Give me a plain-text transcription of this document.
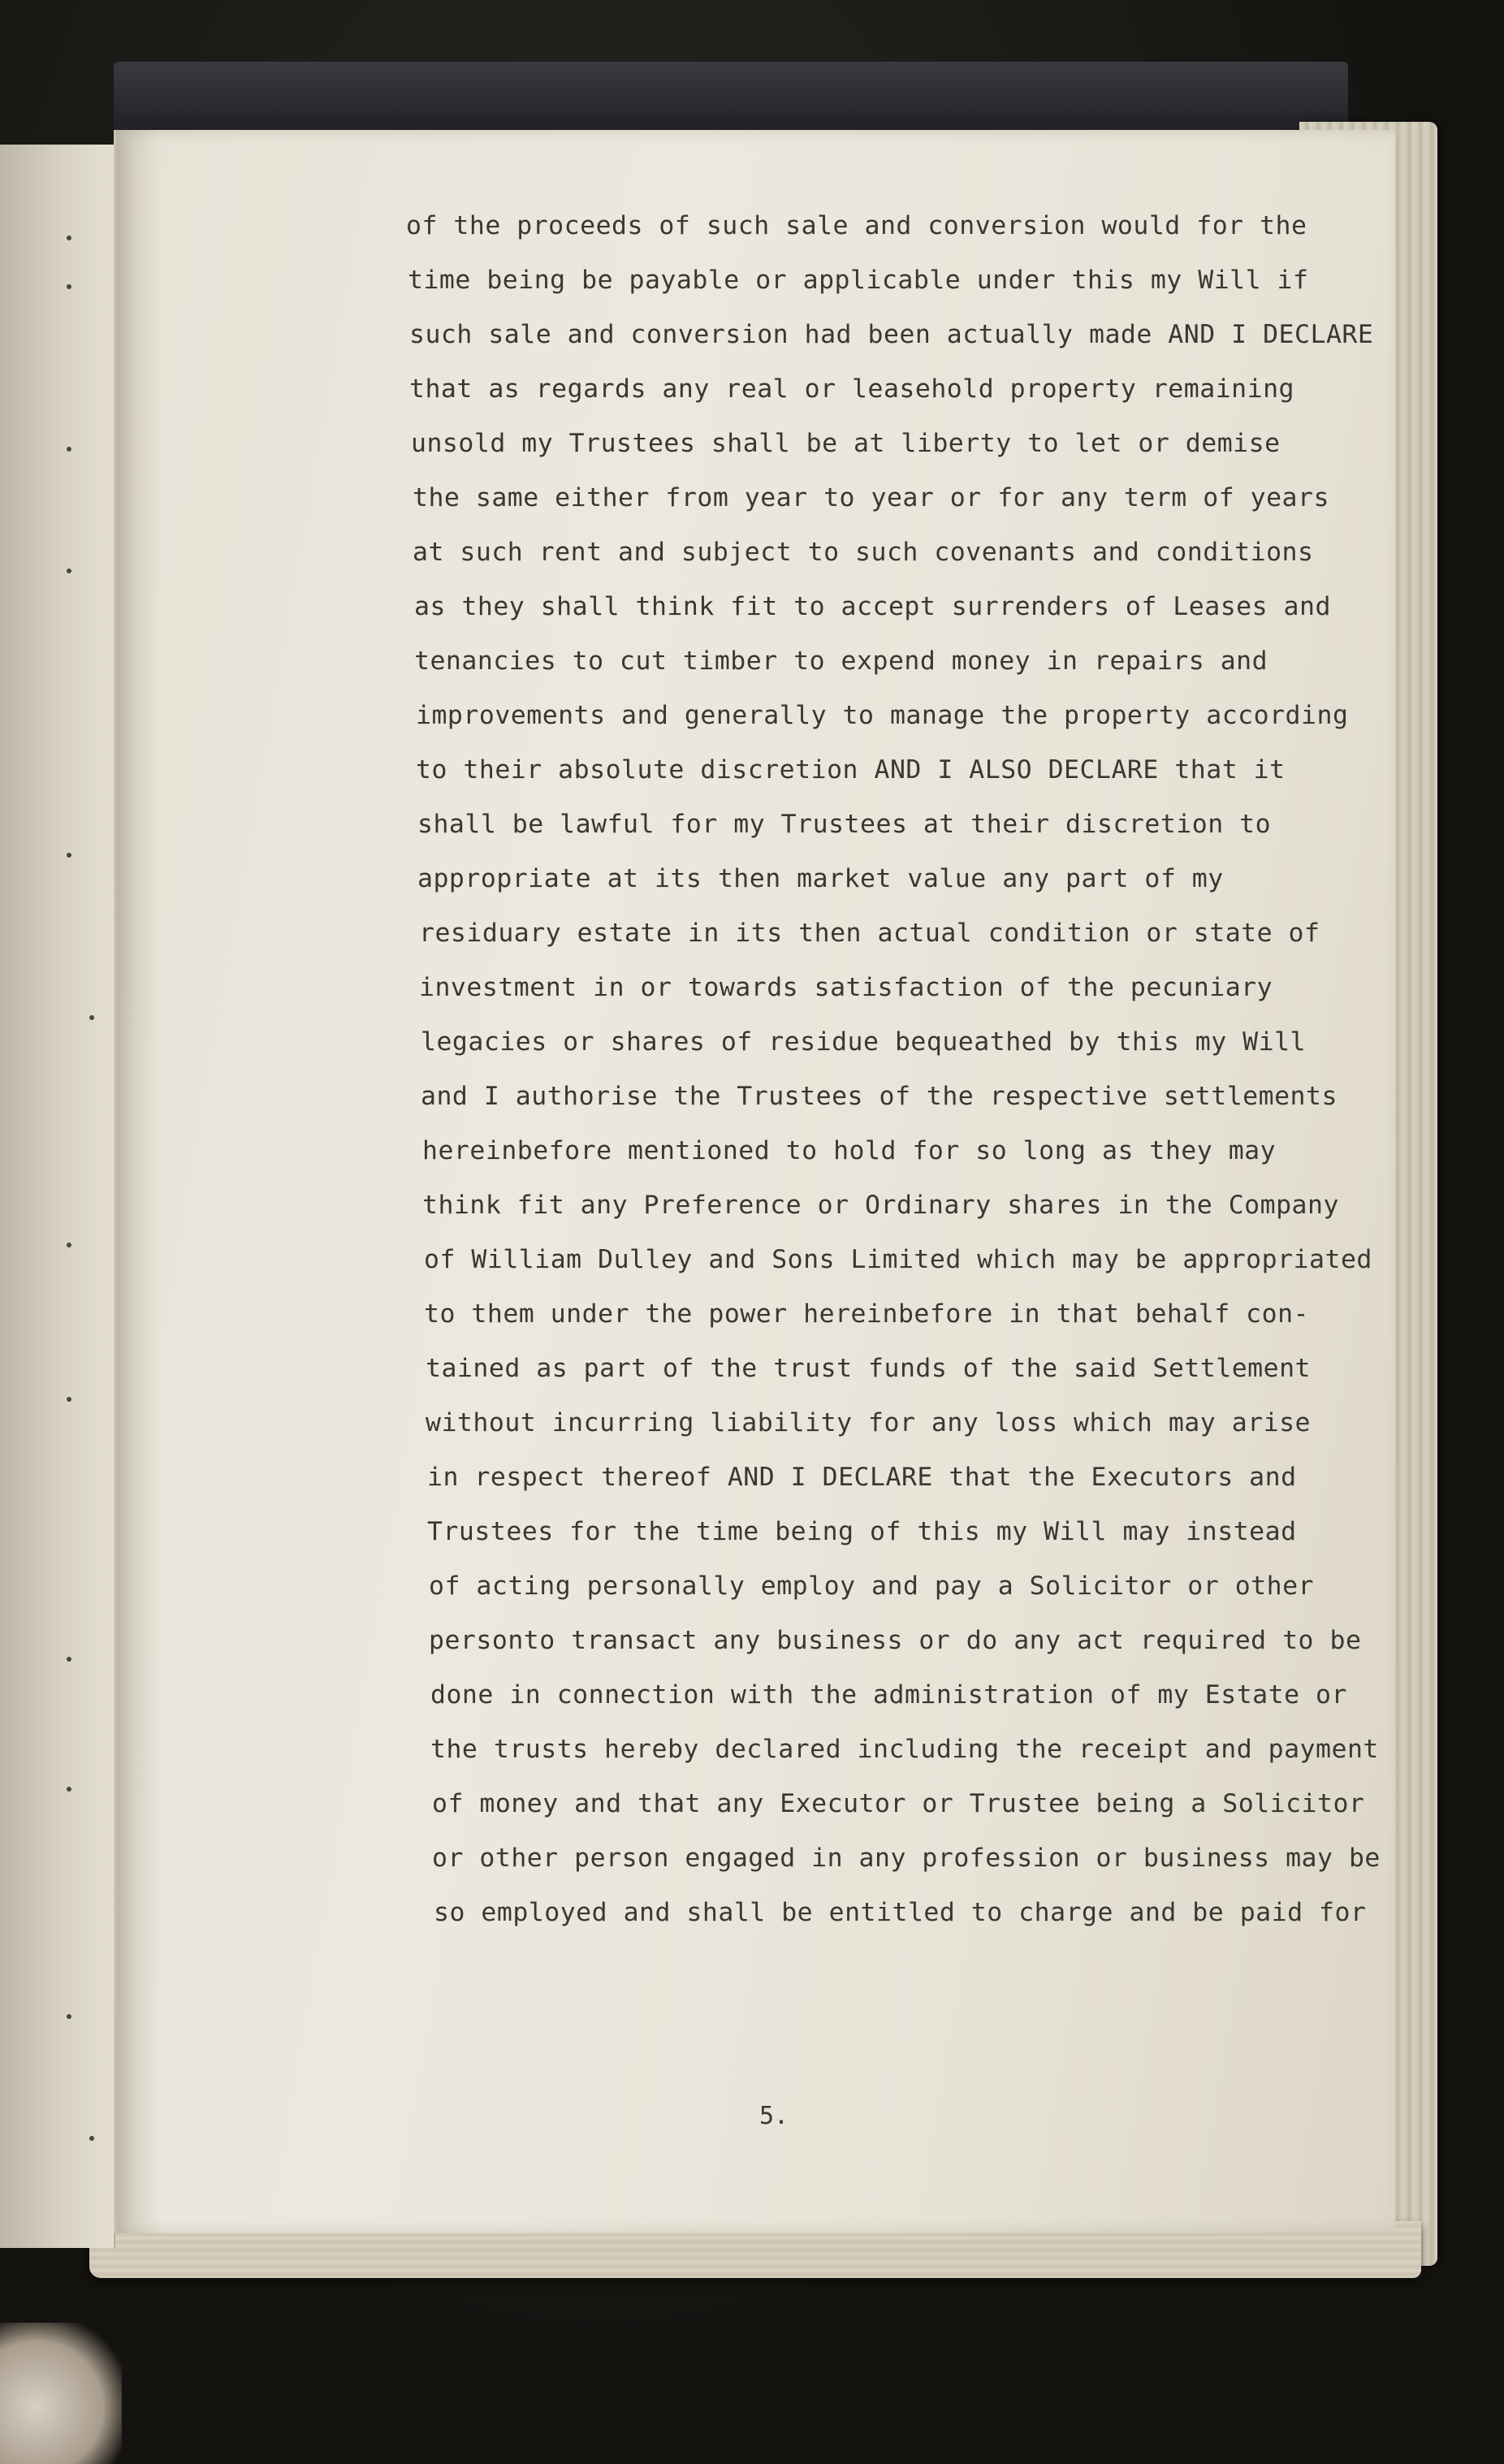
5.
of the proceeds of such sale and conversion would for the
time being be payable or applicable under this my Will if
such sale and conversion had been actually made AND I DECLARE
that as regards any real or leasehold property remaining
unsold my Trustees shall be at liberty to let or demise
the same either from year to year or for any term of years
at such rent and subject to such covenants and conditions
as they shall think fit to accept surrenders of Leases and
tenancies to cut timber to expend money in repairs and
improvements and generally to manage the property according
to their absolute discretion AND I ALSO DECLARE that it
shall be lawful for my Trustees at their discretion to
appropriate at its then market value any part of my
residuary estate in its then actual condition or state of
investment in or towards satisfaction of the pecuniary
legacies or shares of residue bequeathed by this my Will
and I authorise the Trustees of the respective settlements
hereinbefore mentioned to hold for so long as they may
think fit any Preference or Ordinary shares in the Company
of William Dulley and Sons Limited which may be appropriated
to them under the power hereinbefore in that behalf con-
tained as part of the trust funds of the said Settlement
without incurring liability for any loss which may arise
in respect thereof AND I DECLARE that the Executors and
Trustees for the time being of this my Will may instead
of acting personally employ and pay a Solicitor or other
personto transact any business or do any act required to be
done in connection with the administration of my Estate or
the trusts hereby declared including the receipt and payment
of money and that any Executor or Trustee being a Solicitor
or other person engaged in any profession or business may be
so employed and shall be entitled to charge and be paid for
